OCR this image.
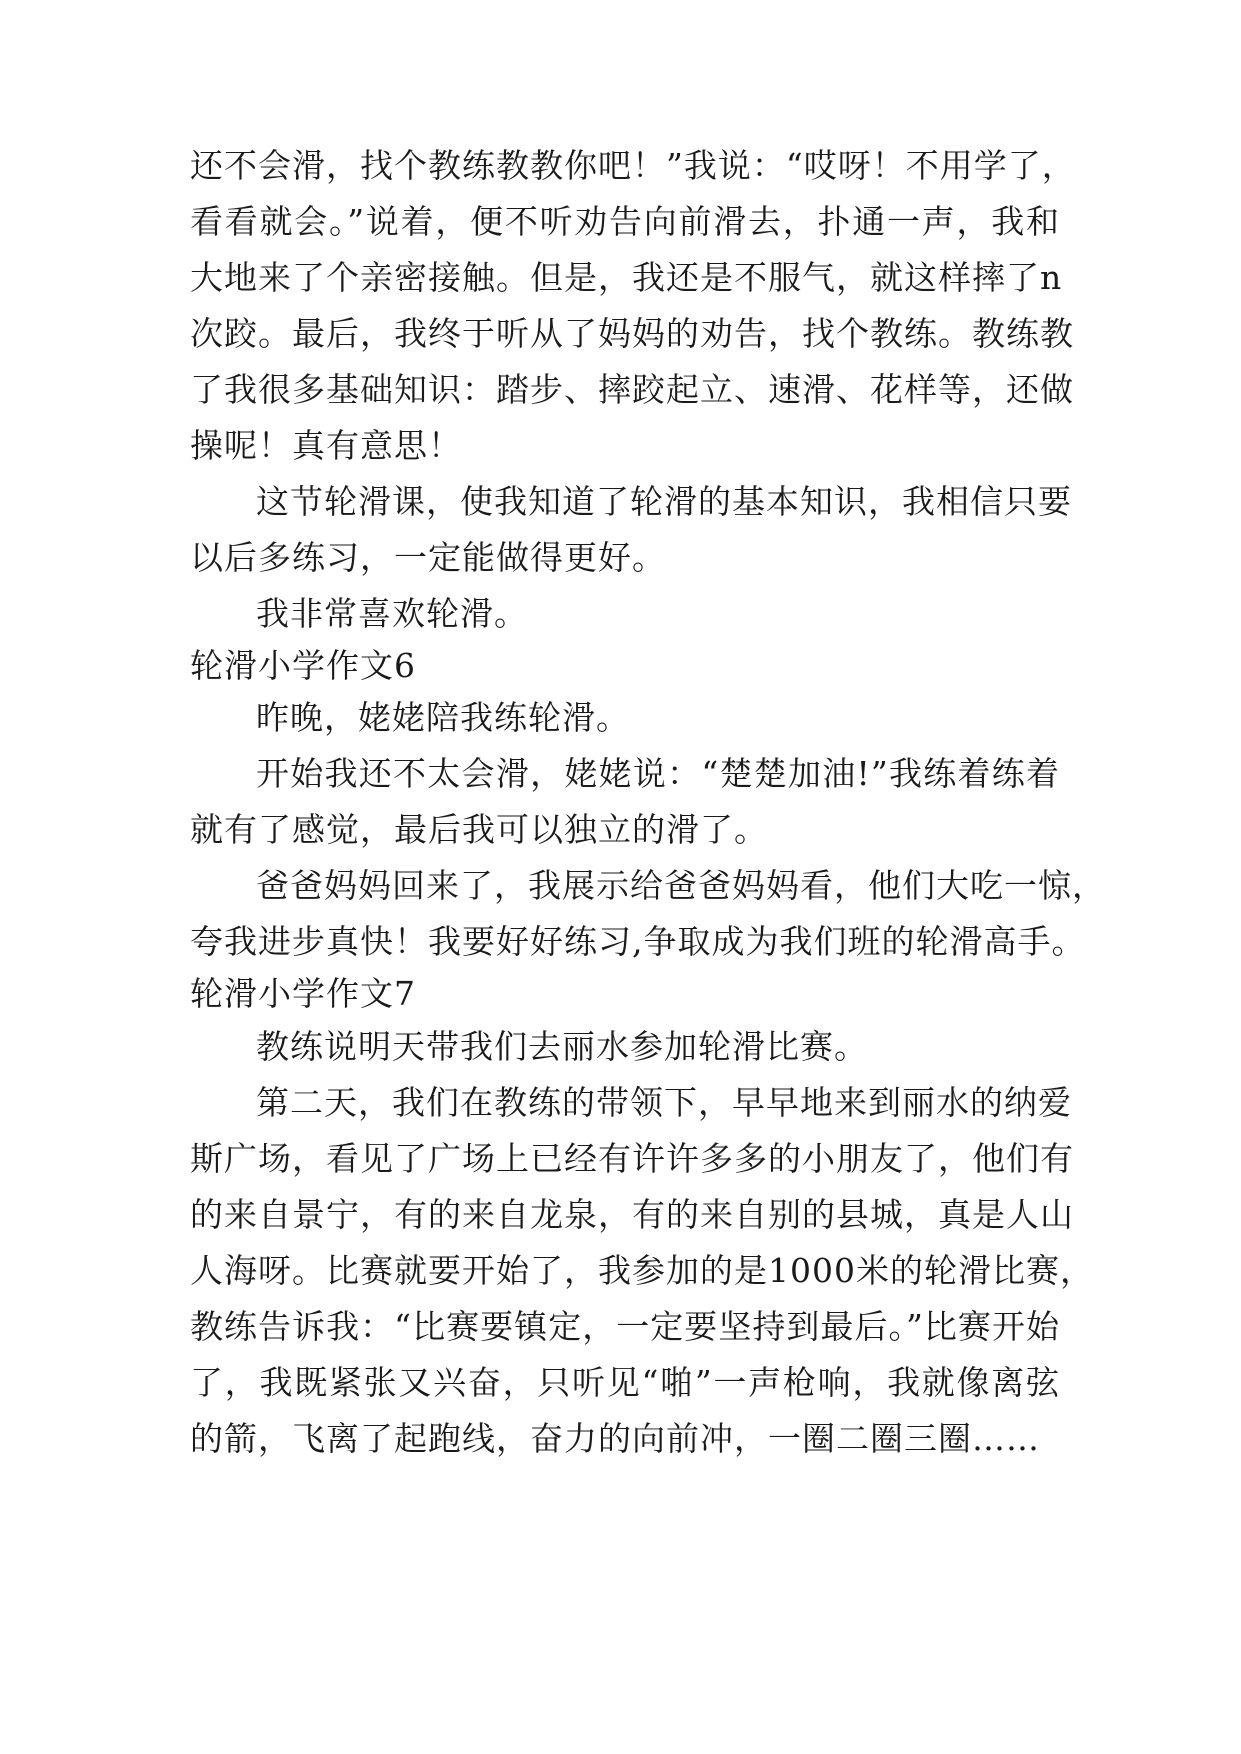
还不会滑，找个教练教教你吧！”我说：“哎呀！不用学了，
看看就会。”说着，便不听劝告向前滑去，扑通一声，我和
大地来了个亲密接触。但是，我还是不服气，就这样摔了n
次跤。最后，我终于听从了妈妈的劝告，找个教练。教练教
了我很多基础知识：踏步、摔跤起立、速滑、花样等，还做
操呢！真有意思！
这节轮滑课，使我知道了轮滑的基本知识，我相信只要
以后多练习，一定能做得更好。
我非常喜欢轮滑。
轮滑小学作文6
昨晚，姥姥陪我练轮滑。
开始我还不太会滑，姥姥说：“楚楚加油!”我练着练着
就有了感觉，最后我可以独立的滑了。
爸爸妈妈回来了，我展示给爸爸妈妈看，他们大吃一惊，
夸我进步真快！我要好好练习,争取成为我们班的轮滑高手。
轮滑小学作文7
教练说明天带我们去丽水参加轮滑比赛。
第二天，我们在教练的带领下，早早地来到丽水的纳爱
斯广场，看见了广场上已经有许许多多的小朋友了，他们有
的来自景宁，有的来自龙泉，有的来自别的县城，真是人山
人海呀。比赛就要开始了，我参加的是1000米的轮滑比赛，
教练告诉我：“比赛要镇定，一定要坚持到最后。”比赛开始
了，我既紧张又兴奋，只听见“啪”一声枪响，我就像离弦
的箭，飞离了起跑线，奋力的向前冲，一圈二圈三圈……
